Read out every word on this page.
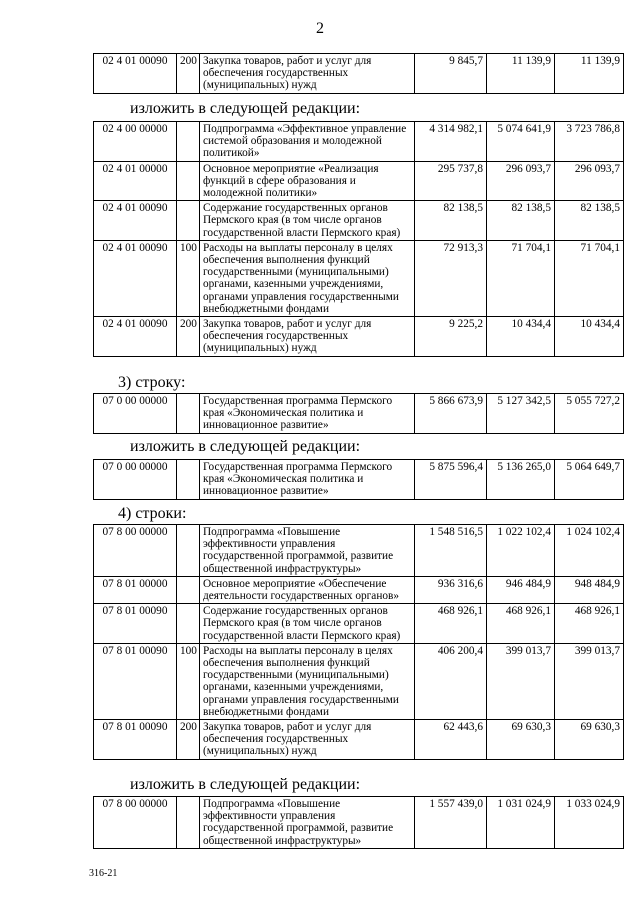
2
02 4 01 00090	200	Закупка товаров, работ и услуг для обеспечения государственных (муниципальных) нужд	9 845,7	11 139,9	11 139,9
изложить в следующей редакции:
02 4 00 00000		Подпрограмма «Эффективное управление системой образования и молодежной политикой»	4 314 982,1	5 074 641,9	3 723 786,8
02 4 01 00000		Основное мероприятие «Реализация функций в сфере образования и молодежной политики»	295 737,8	296 093,7	296 093,7
02 4 01 00090		Содержание государственных органов Пермского края (в том числе органов государственной власти Пермского края)	82 138,5	82 138,5	82 138,5
02 4 01 00090	100	Расходы на выплаты персоналу в целях обеспечения выполнения функций государственными (муниципальными) органами, казенными учреждениями, органами управления государственными внебюджетными фондами	72 913,3	71 704,1	71 704,1
02 4 01 00090	200	Закупка товаров, работ и услуг для обеспечения государственных (муниципальных) нужд	9 225,2	10 434,4	10 434,4
3) строку:
07 0 00 00000		Государственная программа Пермского края «Экономическая политика и инновационное развитие»	5 866 673,9	5 127 342,5	5 055 727,2
изложить в следующей редакции:
07 0 00 00000		Государственная программа Пермского края «Экономическая политика и инновационное развитие»	5 875 596,4	5 136 265,0	5 064 649,7
4) строки:
07 8 00 00000		Подпрограмма «Повышение эффективности управления государственной программой, развитие общественной инфраструктуры»	1 548 516,5	1 022 102,4	1 024 102,4
07 8 01 00000		Основное мероприятие «Обеспечение деятельности государственных органов»	936 316,6	946 484,9	948 484,9
07 8 01 00090		Содержание государственных органов Пермского края (в том числе органов государственной власти Пермского края)	468 926,1	468 926,1	468 926,1
07 8 01 00090	100	Расходы на выплаты персоналу в целях обеспечения выполнения функций государственными (муниципальными) органами, казенными учреждениями, органами управления государственными внебюджетными фондами	406 200,4	399 013,7	399 013,7
07 8 01 00090	200	Закупка товаров, работ и услуг для обеспечения государственных (муниципальных) нужд	62 443,6	69 630,3	69 630,3
изложить в следующей редакции:
07 8 00 00000		Подпрограмма «Повышение эффективности управления государственной программой, развитие общественной инфраструктуры»	1 557 439,0	1 031 024,9	1 033 024,9
316-21
